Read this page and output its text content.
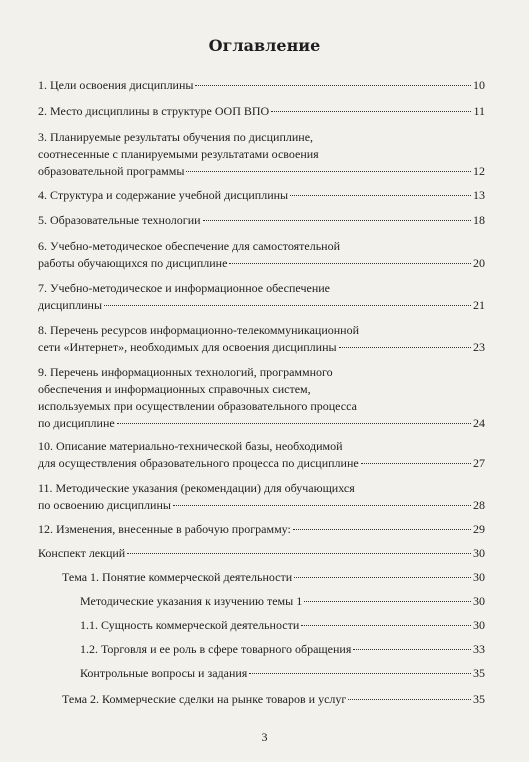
Оглавление
1. Цели освоения дисциплины	10
2. Место дисциплины в структуре ООП ВПО	11
3. Планируемые результаты обучения по дисциплине,
соотнесенные с планируемыми результатами освоения
образовательной программы	12
4. Структура и содержание учебной дисциплины	13
5. Образовательные технологии	18
6. Учебно-методическое обеспечение для самостоятельной
работы обучающихся по дисциплине	20
7. Учебно-методическое и информационное обеспечение
дисциплины	21
8. Перечень ресурсов информационно-телекоммуникационной
сети «Интернет», необходимых для освоения дисциплины	23
9. Перечень информационных технологий, программного
обеспечения и информационных справочных систем,
используемых при осуществлении образовательного процесса
по дисциплине	24
10. Описание материально-технической базы, необходимой
для осуществления образовательного процесса по дисциплине	27
11. Методические указания (рекомендации) для обучающихся
по освоению дисциплины	28
12. Изменения, внесенные в рабочую программу:	29
Конспект лекций	30
Тема 1. Понятие коммерческой деятельности	30
Методические указания к изучению темы 1	30
1.1. Сущность коммерческой деятельности	30
1.2. Торговля и ее роль в сфере товарного обращения	33
Контрольные вопросы и задания	35
Тема 2. Коммерческие сделки на рынке товаров и услуг	35
3
